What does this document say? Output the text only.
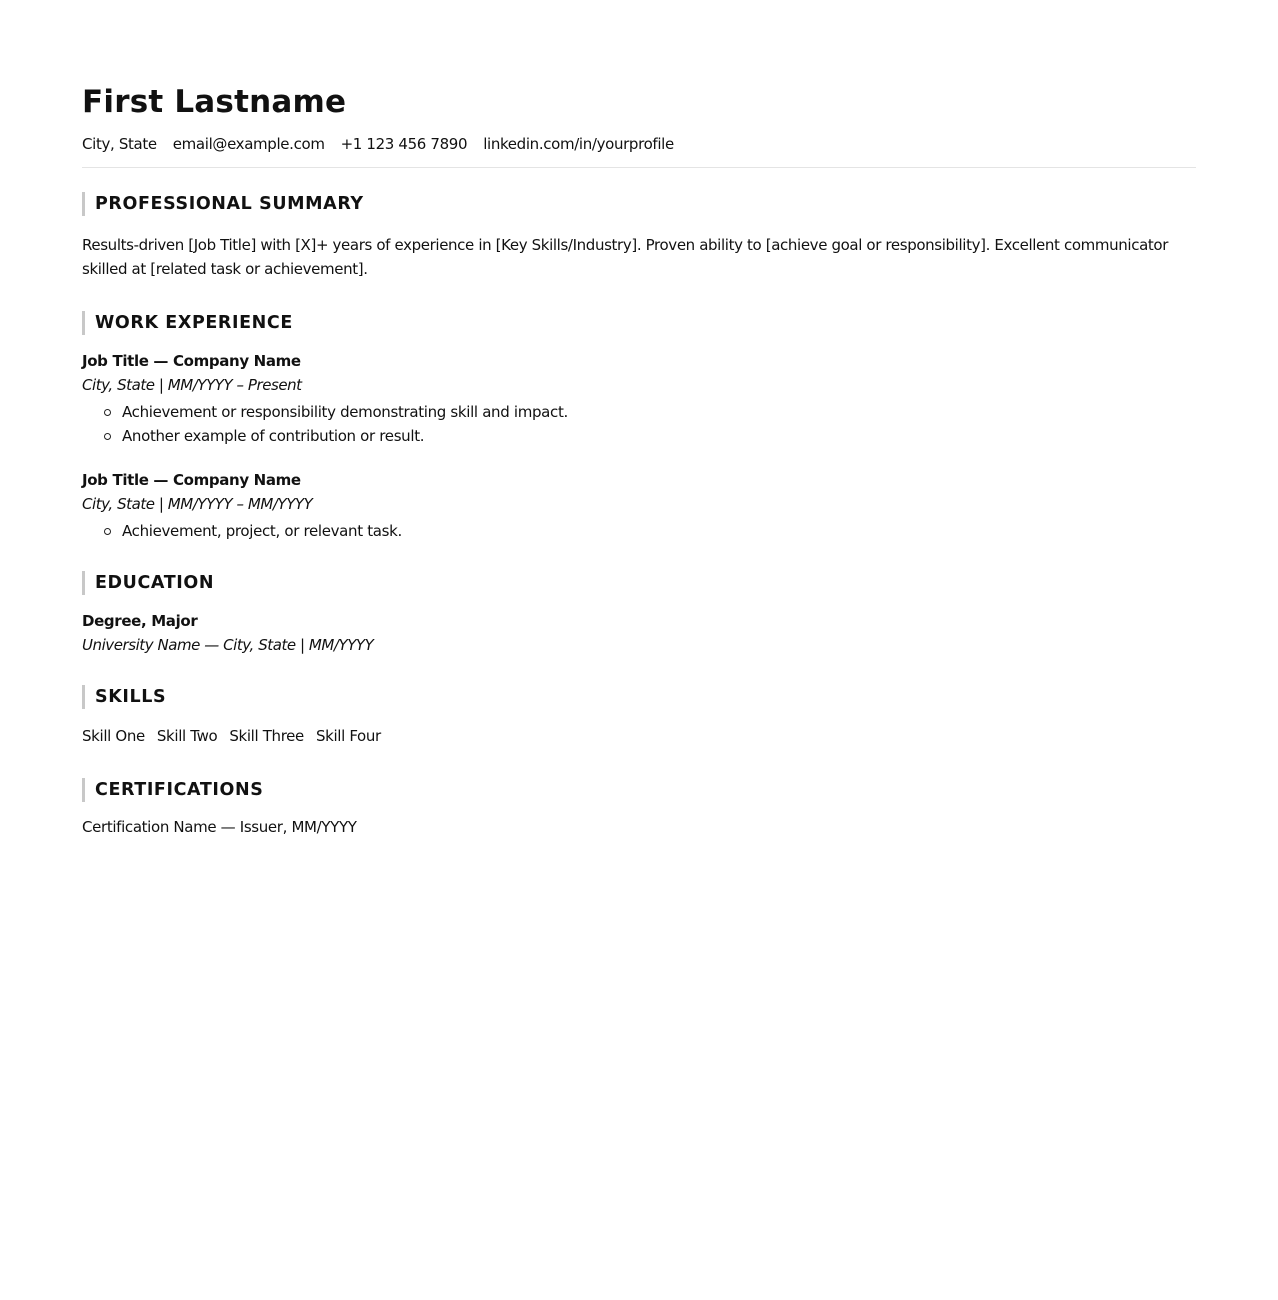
First Lastname
City, State email@example.com +1 123 456 7890 linkedin.com/in/yourprofile
PROFESSIONAL SUMMARY
Results-driven [Job Title] with [X]+ years of experience in [Key Skills/Industry]. Proven ability to [achieve goal or responsibility]. Excellent communicator skilled at [related task or achievement].
WORK EXPERIENCE
Job Title — Company Name
City, State | MM/YYYY – Present
Achievement or responsibility demonstrating skill and impact.
Another example of contribution or result.
Job Title — Company Name
City, State | MM/YYYY – MM/YYYY
Achievement, project, or relevant task.
EDUCATION
Degree, Major
University Name — City, State | MM/YYYY
SKILLS
Skill One Skill Two Skill Three Skill Four
CERTIFICATIONS
Certification Name — Issuer, MM/YYYY
